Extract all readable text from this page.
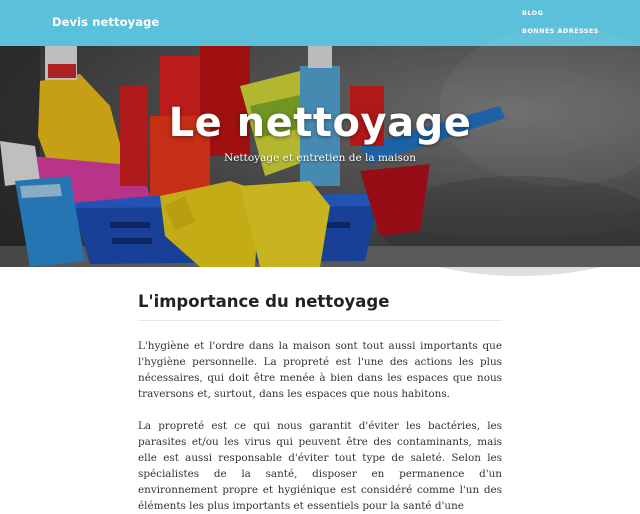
Devis nettoyage
BLOG
Le nettoyage
Nettoyage et entretien de la maison
L'importance du nettoyage

L'hygiène et l'ordre dans la maison sont tout aussi importants que l'hygiène personnelle. La propreté est l'une des actions les plus nécessaires, qui doit être menée à bien dans les espaces que nous traversons et, surtout, dans les espaces que nous habitons.

La propreté est ce qui nous garantit d'éviter les bactéries, les parasites et/ou les virus qui peuvent être des contaminants, mais elle est aussi responsable d'éviter tout type de saleté. Selon les spécialistes de la santé, disposer en permanence d'un environnement propre et hygiénique est considéré comme l'un des éléments les plus importants et essentiels pour la santé d'une
